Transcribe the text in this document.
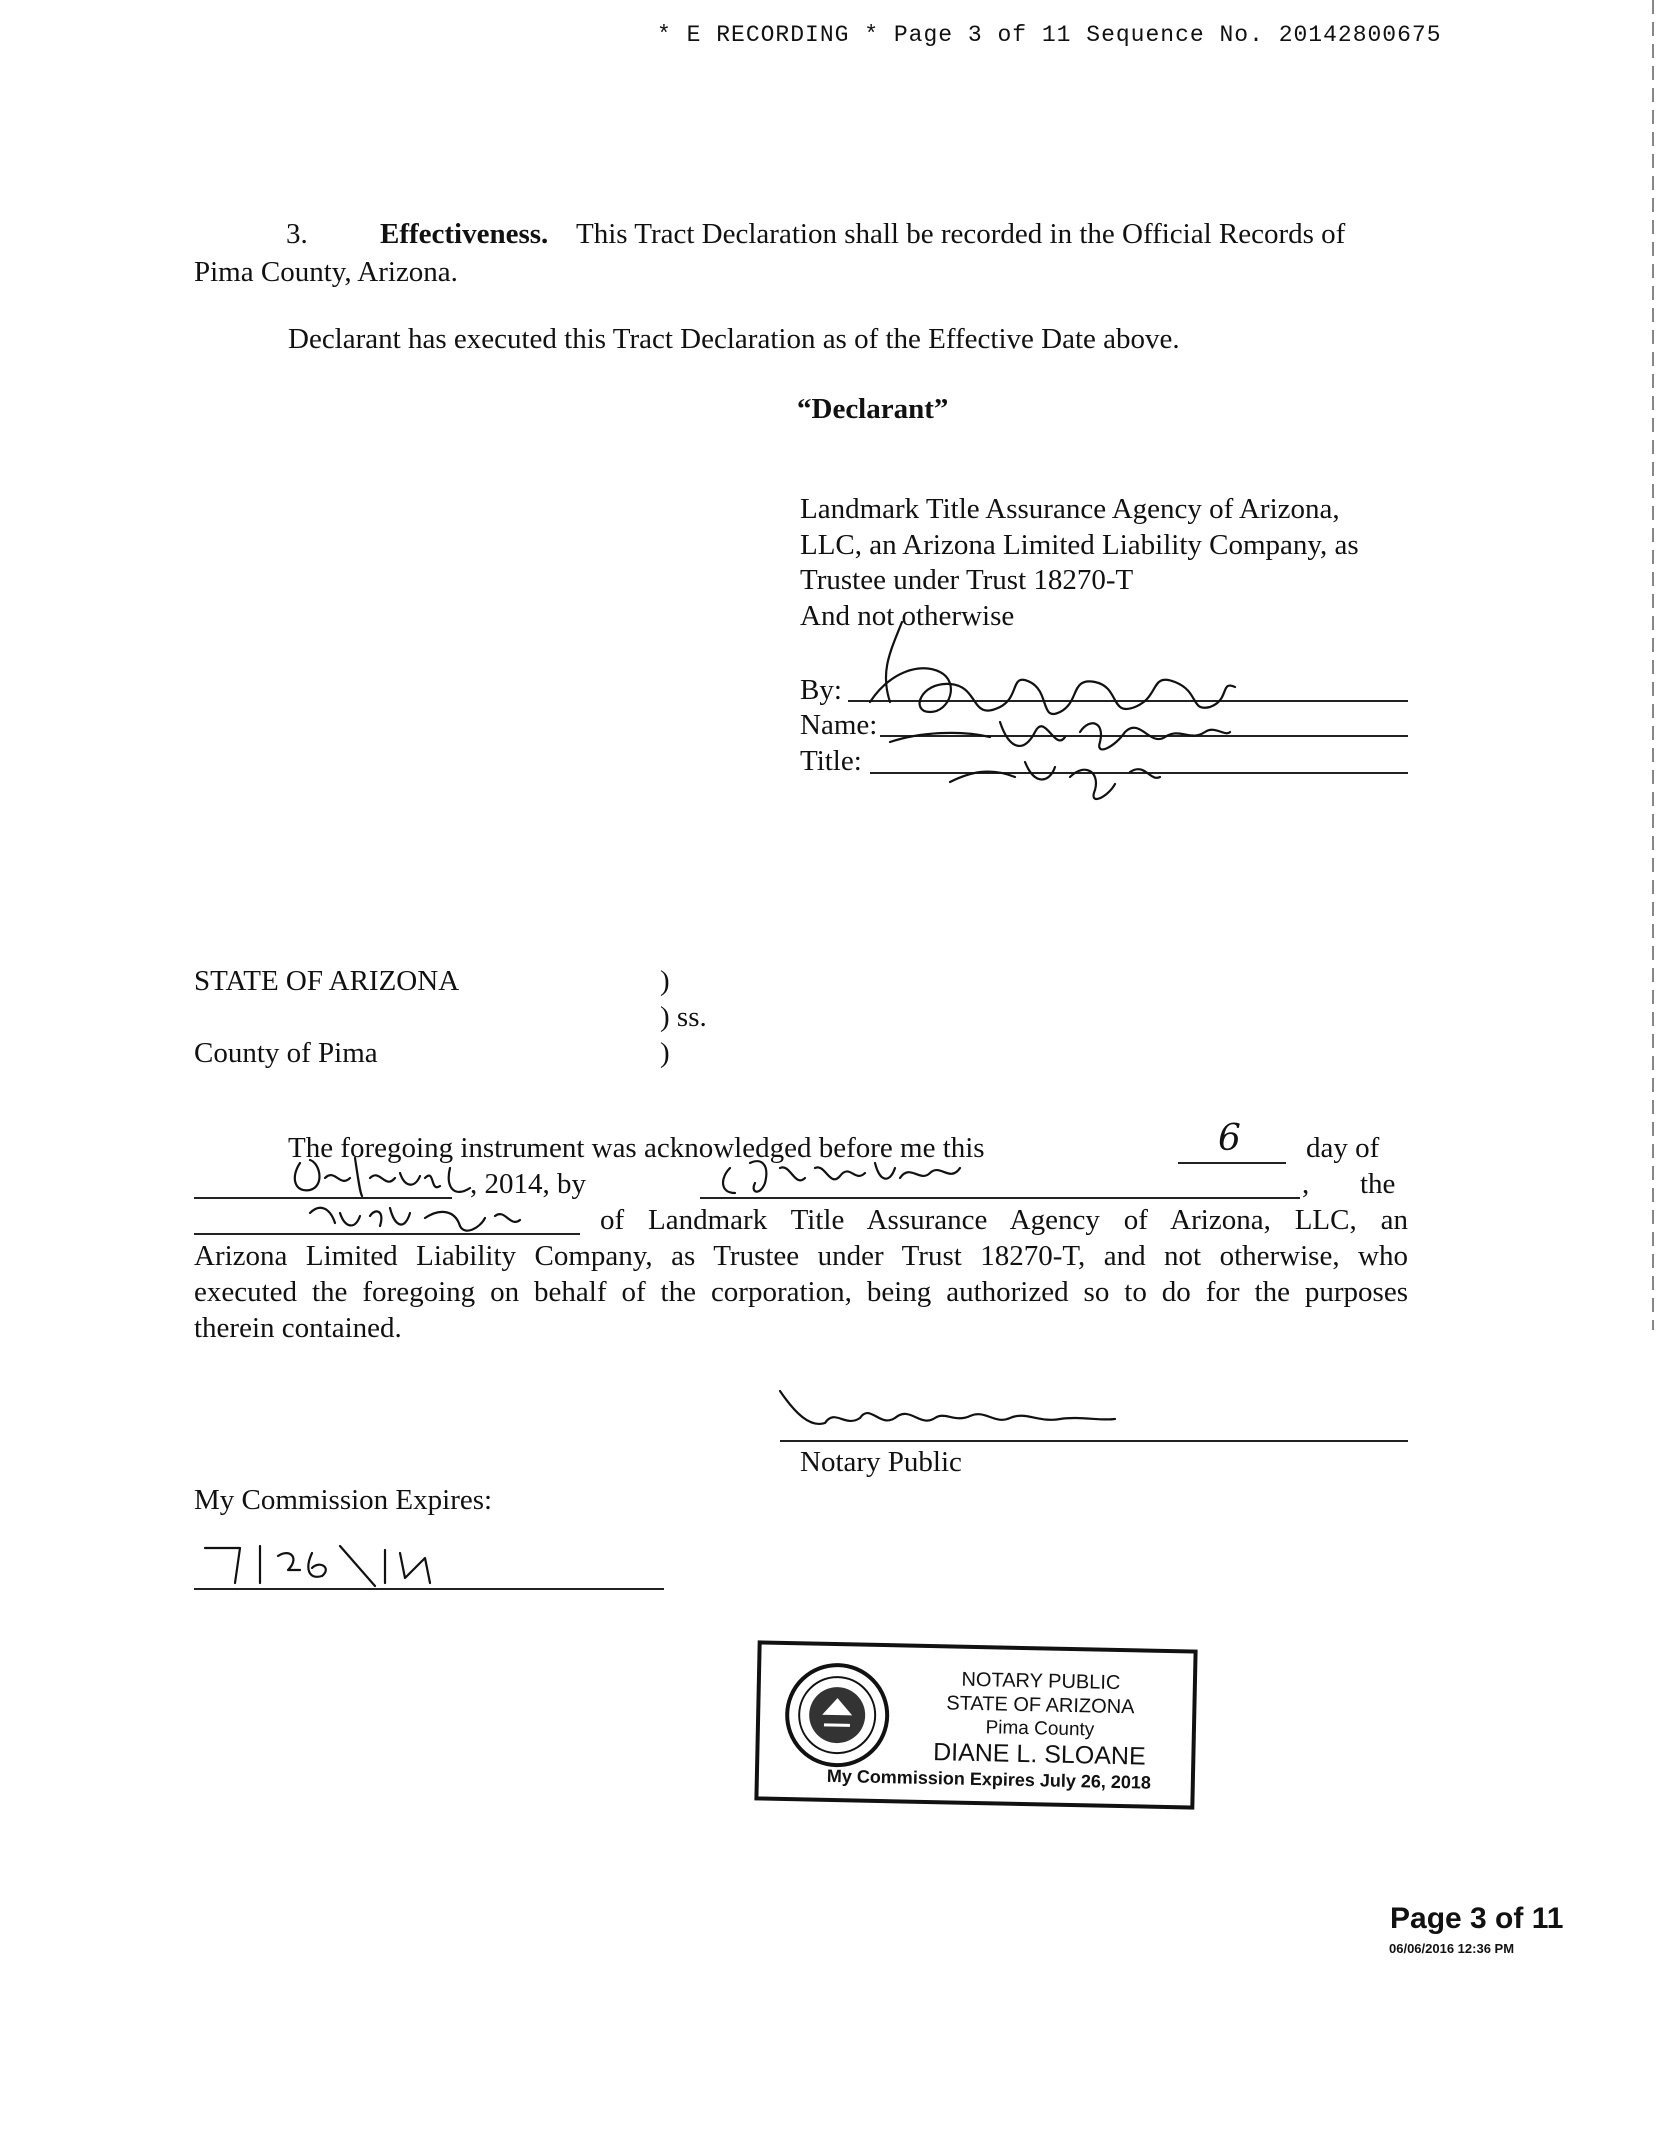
* E RECORDING * Page 3 of 11 Sequence No. 20142800675
3. Effectiveness. This Tract Declaration shall be recorded in the Official Records of
Pima County, Arizona.
Declarant has executed this Tract Declaration as of the Effective Date above.
“Declarant”
Landmark Title Assurance Agency of Arizona,
LLC, an Arizona Limited Liability Company, as
Trustee under Trust 18270-T
And not otherwise
By:
Name:
Title:
STATE OF ARIZONA	)
) ss.
County of Pima	)
The foregoing instrument was acknowledged before me this	6 day of
, 2014, by	, the
of Landmark Title Assurance Agency of Arizona, LLC, an
Arizona Limited Liability Company, as Trustee under Trust 18270-T, and not otherwise, who
executed the foregoing on behalf of the corporation, being authorized so to do for the purposes
therein contained.
Notary Public
My Commission Expires:
NOTARY PUBLIC
STATE OF ARIZONA
Pima County
DIANE L. SLOANE
My Commission Expires July 26, 2018
Page 3 of 11
06/06/2016 12:36 PM
